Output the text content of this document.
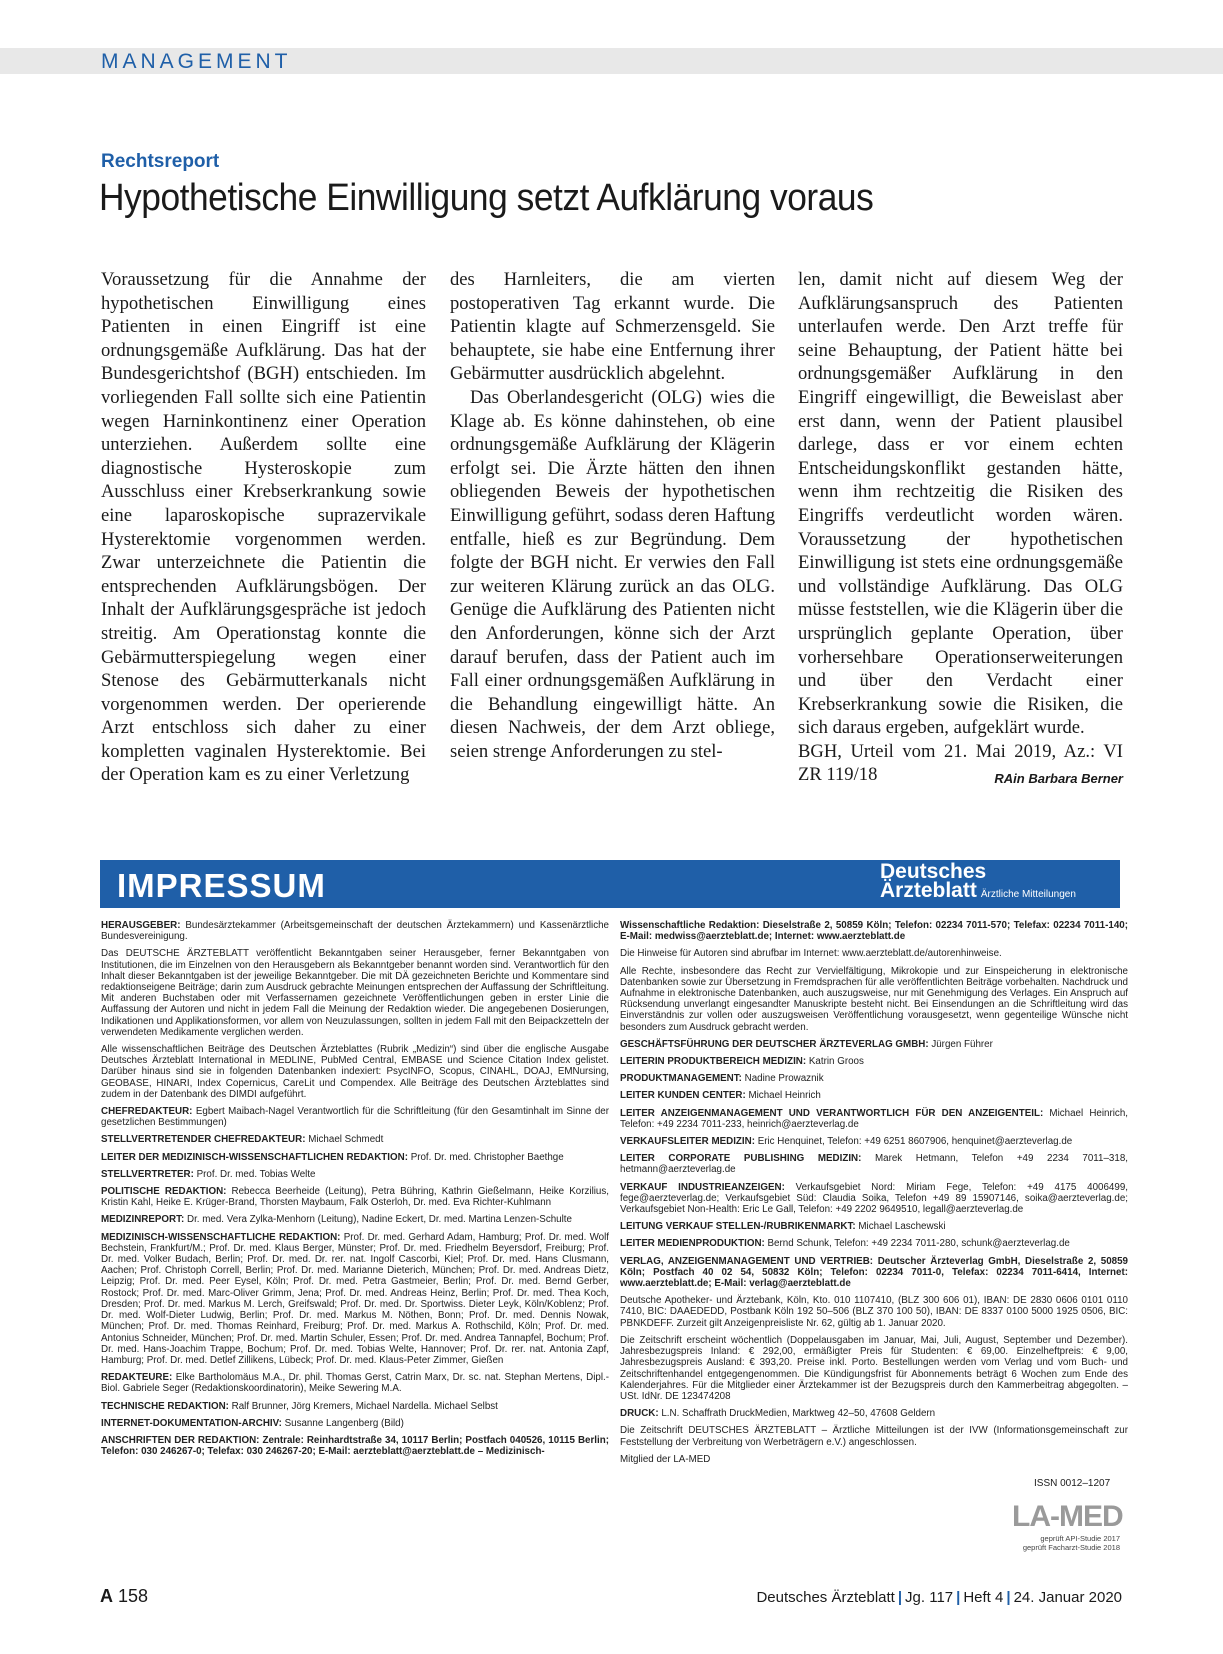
MANAGEMENT
Rechtsreport
Hypothetische Einwilligung setzt Aufklärung voraus

Voraussetzung für die Annahme der hypothetischen Einwilligung eines Patienten in einen Eingriff ist eine ordnungsgemäße Aufklärung. Das hat der Bundesgerichtshof (BGH) entschieden. Im vorliegenden Fall sollte sich eine Patientin wegen Harninkontinenz einer Operation unterziehen. Außerdem sollte eine diagnostische Hysteroskopie zum Ausschluss einer Krebserkrankung sowie eine laparoskopische suprazervikale Hysterektomie vorgenommen werden. Zwar unterzeichnete die Patientin die entsprechenden Aufklärungsbögen. Der Inhalt der Aufklärungsgespräche ist jedoch streitig. Am Operationstag konnte die Gebärmutterspiegelung wegen einer Stenose des Gebärmutterkanals nicht vorgenommen werden. Der operierende Arzt entschloss sich daher zu einer kompletten vaginalen Hysterektomie. Bei der Operation kam es zu einer Verletzung

des Harnleiters, die am vierten postoperativen Tag erkannt wurde. Die Patientin klagte auf Schmerzensgeld. Sie behauptete, sie habe eine Entfernung ihrer Gebärmutter ausdrücklich abgelehnt.

Das Oberlandesgericht (OLG) wies die Klage ab. Es könne dahinstehen, ob eine ordnungsgemäße Aufklärung der Klägerin erfolgt sei. Die Ärzte hätten den ihnen obliegenden Beweis der hypothetischen Einwilligung geführt, sodass deren Haftung entfalle, hieß es zur Begründung. Dem folgte der BGH nicht. Er verwies den Fall zur weiteren Klärung zurück an das OLG. Genüge die Aufklärung des Patienten nicht den Anforderungen, könne sich der Arzt darauf berufen, dass der Patient auch im Fall einer ordnungsgemäßen Aufklärung in die Behandlung eingewilligt hätte. An diesen Nachweis, der dem Arzt obliege, seien strenge Anforderungen zu stel-

len, damit nicht auf diesem Weg der Aufklärungsanspruch des Patienten unterlaufen werde. Den Arzt treffe für seine Behauptung, der Patient hätte bei ordnungsgemäßer Aufklärung in den Eingriff eingewilligt, die Beweislast aber erst dann, wenn der Patient plausibel darlege, dass er vor einem echten Entscheidungskonflikt gestanden hätte, wenn ihm rechtzeitig die Risiken des Eingriffs verdeutlicht worden wären. Voraussetzung der hypothetischen Einwilligung ist stets eine ordnungsgemäße und vollständige Aufklärung. Das OLG müsse feststellen, wie die Klägerin über die ursprünglich geplante Operation, über vorhersehbare Operationserweiterungen und über den Verdacht einer Krebserkrankung sowie die Risiken, die sich daraus ergeben, aufgeklärt wurde.

BGH, Urteil vom 21. Mai 2019, Az.: VI ZR 119/18	RAin Barbara Berner

IMPRESSUM	Deutsches
Ärzteblatt Ärztliche Mitteilungen

HERAUSGEBER: Bundesärztekammer (Arbeitsgemeinschaft der deutschen Ärztekammern) und Kassenärztliche Bundesvereinigung.

Das DEUTSCHE ÄRZTEBLATT veröffentlicht Bekanntgaben seiner Herausgeber, ferner Bekanntgaben von Institutionen, die im Einzelnen von den Herausgebern als Bekanntgeber benannt worden sind. Verantwortlich für den Inhalt dieser Bekanntgaben ist der jeweilige Bekanntgeber. Die mit DÄ gezeichneten Berichte und Kommentare sind redaktionseigene Beiträge; darin zum Ausdruck gebrachte Meinungen entsprechen der Auffassung der Schriftleitung. Mit anderen Buchstaben oder mit Verfassernamen gezeichnete Veröffentlichungen geben in erster Linie die Auffassung der Autoren und nicht in jedem Fall die Meinung der Redaktion wieder. Die angegebenen Dosierungen, Indikationen und Applikationsformen, vor allem von Neuzulassungen, sollten in jedem Fall mit den Beipackzetteln der verwendeten Medikamente verglichen werden.

Alle wissenschaftlichen Beiträge des Deutschen Ärzteblattes (Rubrik „Medizin“) sind über die englische Ausgabe Deutsches Ärzteblatt International in MEDLINE, PubMed Central, EMBASE und Science Citation Index gelistet. Darüber hinaus sind sie in folgenden Datenbanken indexiert: PsycINFO, Scopus, CINAHL, DOAJ, EMNursing, GEOBASE, HINARI, Index Copernicus, CareLit und Compendex. Alle Beiträge des Deutschen Ärzteblattes sind zudem in der Datenbank des DIMDI aufgeführt.

CHEFREDAKTEUR: Egbert Maibach-Nagel Verantwortlich für die Schriftleitung (für den Gesamtinhalt im Sinne der gesetzlichen Bestimmungen)

STELLVERTRETENDER CHEFREDAKTEUR: Michael Schmedt

LEITER DER MEDIZINISCH-WISSENSCHAFTLICHEN REDAKTION: Prof. Dr. med. Christopher Baethge

STELLVERTRETER: Prof. Dr. med. Tobias Welte

POLITISCHE REDAKTION: Rebecca Beerheide (Leitung), Petra Bühring, Kathrin Gießelmann, Heike Korzilius, Kristin Kahl, Heike E. Krüger-Brand, Thorsten Maybaum, Falk Osterloh, Dr. med. Eva Richter-Kuhlmann

MEDIZINREPORT: Dr. med. Vera Zylka-Menhorn (Leitung), Nadine Eckert, Dr. med. Martina Lenzen-Schulte

MEDIZINISCH-WISSENSCHAFTLICHE REDAKTION: Prof. Dr. med. Gerhard Adam, Hamburg; Prof. Dr. med. Wolf Bechstein, Frankfurt/M.; Prof. Dr. med. Klaus Berger, Münster; Prof. Dr. med. Friedhelm Beyersdorf, Freiburg; Prof. Dr. med. Volker Budach, Berlin; Prof. Dr. med. Dr. rer. nat. Ingolf Cascorbi, Kiel; Prof. Dr. med. Hans Clusmann, Aachen; Prof. Christoph Correll, Berlin; Prof. Dr. med. Marianne Dieterich, München; Prof. Dr. med. Andreas Dietz, Leipzig; Prof. Dr. med. Peer Eysel, Köln; Prof. Dr. med. Petra Gastmeier, Berlin; Prof. Dr. med. Bernd Gerber, Rostock; Prof. Dr. med. Marc-Oliver Grimm, Jena; Prof. Dr. med. Andreas Heinz, Berlin; Prof. Dr. med. Thea Koch, Dresden; Prof. Dr. med. Markus M. Lerch, Greifswald; Prof. Dr. med. Dr. Sportwiss. Dieter Leyk, Köln/Koblenz; Prof. Dr. med. Wolf-Dieter Ludwig, Berlin; Prof. Dr. med. Markus M. Nöthen, Bonn; Prof. Dr. med. Dennis Nowak, München; Prof. Dr. med. Thomas Reinhard, Freiburg; Prof. Dr. med. Markus A. Rothschild, Köln; Prof. Dr. med. Antonius Schneider, München; Prof. Dr. med. Martin Schuler, Essen; Prof. Dr. med. Andrea Tannapfel, Bochum; Prof. Dr. med. Hans-Joachim Trappe, Bochum; Prof. Dr. med. Tobias Welte, Hannover; Prof. Dr. rer. nat. Antonia Zapf, Hamburg; Prof. Dr. med. Detlef Zillikens, Lübeck; Prof. Dr. med. Klaus-Peter Zimmer, Gießen

REDAKTEURE: Elke Bartholomäus M.A., Dr. phil. Thomas Gerst, Catrin Marx, Dr. sc. nat. Stephan Mertens, Dipl.-Biol. Gabriele Seger (Redaktionskoordinatorin), Meike Sewering M.A.

TECHNISCHE REDAKTION: Ralf Brunner, Jörg Kremers, Michael Nardella. Michael Selbst

INTERNET-DOKUMENTATION-ARCHIV: Susanne Langenberg (Bild)

ANSCHRIFTEN DER REDAKTION: Zentrale: Reinhardtstraße 34, 10117 Berlin; Postfach 040526, 10115 Berlin; Telefon: 030 246267-0; Telefax: 030 246267-20; E-Mail: aerzteblatt@aerzteblatt.de – Medizinisch-

Wissenschaftliche Redaktion: Dieselstraße 2, 50859 Köln; Telefon: 02234 7011-570; Telefax: 02234 7011-140; E-Mail: medwiss@aerzteblatt.de; Internet: www.aerzteblatt.de

Die Hinweise für Autoren sind abrufbar im Internet: www.aerzteblatt.de/autorenhinweise.

Alle Rechte, insbesondere das Recht zur Vervielfältigung, Mikrokopie und zur Einspeicherung in elektronische Datenbanken sowie zur Übersetzung in Fremdsprachen für alle veröffentlichten Beiträge vorbehalten. Nachdruck und Aufnahme in elektronische Datenbanken, auch auszugsweise, nur mit Genehmigung des Verlages. Ein Anspruch auf Rücksendung unverlangt eingesandter Manuskripte besteht nicht. Bei Einsendungen an die Schriftleitung wird das Einverständnis zur vollen oder auszugsweisen Veröffentlichung vorausgesetzt, wenn gegenteilige Wünsche nicht besonders zum Ausdruck gebracht werden.

GESCHÄFTSFÜHRUNG DER DEUTSCHER ÄRZTEVERLAG GMBH: Jürgen Führer

LEITERIN PRODUKTBEREICH MEDIZIN: Katrin Groos

PRODUKTMANAGEMENT: Nadine Prowaznik

LEITER KUNDEN CENTER: Michael Heinrich

LEITER ANZEIGENMANAGEMENT UND VERANTWORTLICH FÜR DEN ANZEIGENTEIL: Michael Heinrich, Telefon: +49 2234 7011-233, heinrich@aerzteverlag.de

VERKAUFSLEITER MEDIZIN: Eric Henquinet, Telefon: +49 6251 8607906, henquinet@aerzteverlag.de

LEITER CORPORATE PUBLISHING MEDIZIN: Marek Hetmann, Telefon +49 2234 7011–318, hetmann@aerzteverlag.de

VERKAUF INDUSTRIEANZEIGEN: Verkaufsgebiet Nord: Miriam Fege, Telefon: +49 4175 4006499, fege@aerzteverlag.de; Verkaufsgebiet Süd: Claudia Soika, Telefon +49 89 15907146, soika@aerzteverlag.de; Verkaufsgebiet Non-Health: Eric Le Gall, Telefon: +49 2202 9649510, legall@aerzteverlag.de

LEITUNG VERKAUF STELLEN-/RUBRIKENMARKT: Michael Laschewski

LEITER MEDIENPRODUKTION: Bernd Schunk, Telefon: +49 2234 7011-280, schunk@aerzteverlag.de

VERLAG, ANZEIGENMANAGEMENT UND VERTRIEB: Deutscher Ärzteverlag GmbH, Dieselstraße 2, 50859 Köln; Postfach 40 02 54, 50832 Köln; Telefon: 02234 7011-0, Telefax: 02234 7011-6414, Internet: www.aerzteblatt.de; E-Mail: verlag@aerzteblatt.de

Deutsche Apotheker- und Ärztebank, Köln, Kto. 010 1107410, (BLZ 300 606 01), IBAN: DE 2830 0606 0101 0110 7410, BIC: DAAEDEDD, Postbank Köln 192 50–506 (BLZ 370 100 50), IBAN: DE 8337 0100 5000 1925 0506, BIC: PBNKDEFF. Zurzeit gilt Anzeigenpreisliste Nr. 62, gültig ab 1. Januar 2020.

Die Zeitschrift erscheint wöchentlich (Doppelausgaben im Januar, Mai, Juli, August, September und Dezember). Jahresbezugspreis Inland: € 292,00, ermäßigter Preis für Studenten: € 69,00. Einzelheftpreis: € 9,00, Jahresbezugspreis Ausland: € 393,20. Preise inkl. Porto. Bestellungen werden vom Verlag und vom Buch- und Zeitschriftenhandel entgegengenommen. Die Kündigungsfrist für Abonnements beträgt 6 Wochen zum Ende des Kalenderjahres. Für die Mitglieder einer Ärztekammer ist der Bezugspreis durch den Kammerbeitrag abgegolten. – USt. IdNr. DE 123474208

DRUCK: L.N. Schaffrath DruckMedien, Marktweg 42–50, 47608 Geldern

Die Zeitschrift DEUTSCHES ÄRZTEBLATT – Ärztliche Mitteilungen ist der IVW (Informationsgemeinschaft zur Feststellung der Verbreitung von Werbeträgern e.V.) angeschlossen.

Mitglied der LA-MED

ISSN 0012–1207
LA-MED
geprüft API-Studie 2017
geprüft Facharzt-Studie 2018
A 158	Deutsches Ärzteblatt | Jg. 117 | Heft 4 | 24. Januar 2020
